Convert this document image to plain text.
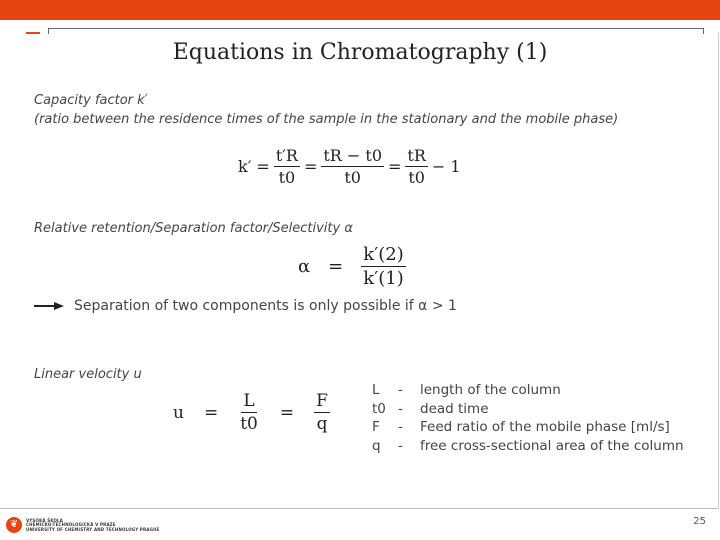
Equations in Chromatography (1)
Capacity factor k′
(ratio between the residence times of the sample in the stationary and the mobile phase)
$k' = \frac{t'R}{t0} = \frac{tR - t0}{t0} = \frac{tR}{t0} - 1$
Relative retention/Separation factor/Selectivity α
$\alpha = \frac{k'(2)}{k'(1)}$
Separation of two components is only possible if α > 1
Linear velocity u
$u = \frac{L}{t0} = \frac{F}{q}$
L	-	length of the column
t0 -	dead time
F	-	Feed ratio of the mobile phase [ml/s]
q	-	free cross-sectional area of the column
❦	VYSOKÁ ŠKOLA
CHEMICKO-TECHNOLOGICKÁ V PRAZE
UNIVERSITY OF CHEMISTRY AND TECHNOLOGY PRAGUE
25
